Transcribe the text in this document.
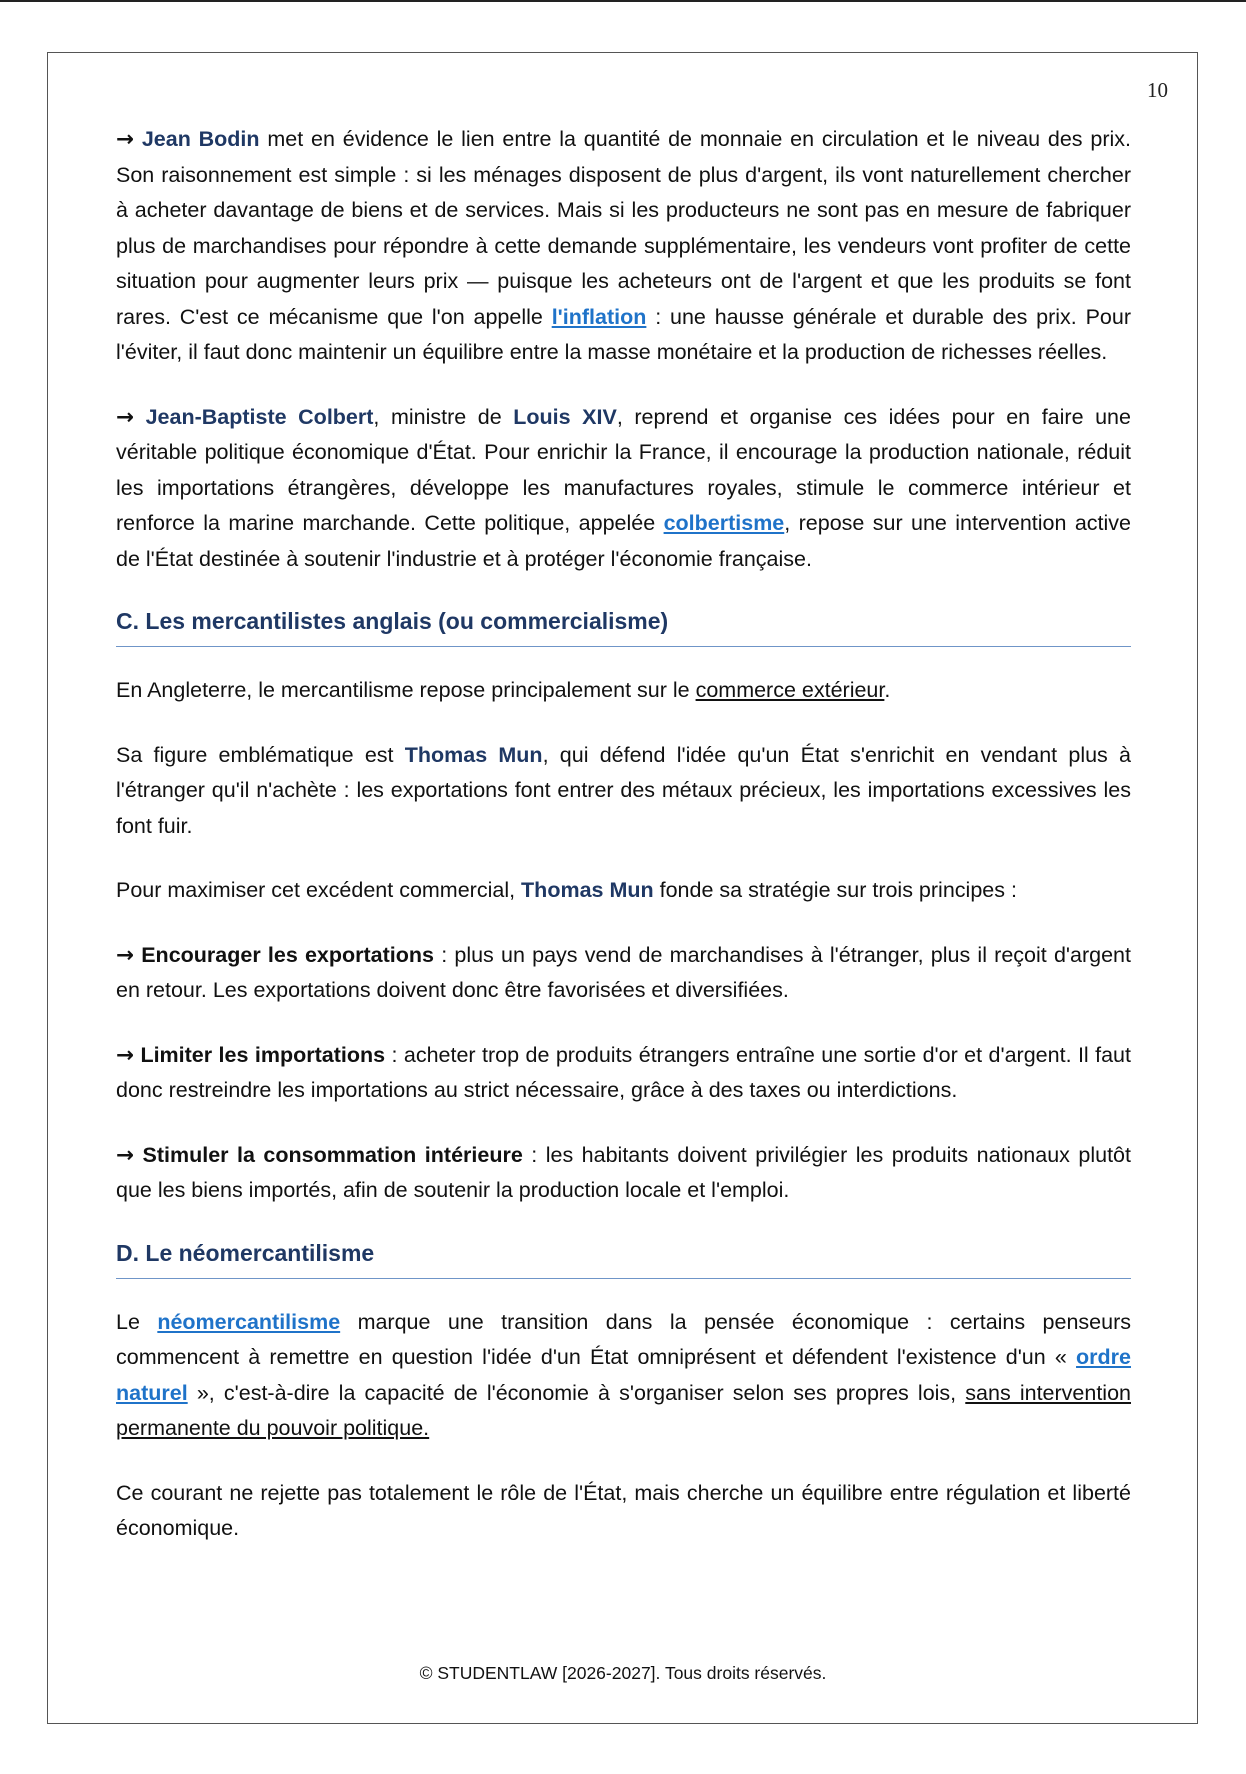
10

→ Jean Bodin met en évidence le lien entre la quantité de monnaie en circulation et le niveau des prix. Son raisonnement est simple : si les ménages disposent de plus d'argent, ils vont naturellement chercher à acheter davantage de biens et de services. Mais si les producteurs ne sont pas en mesure de fabriquer plus de marchandises pour répondre à cette demande supplémentaire, les vendeurs vont profiter de cette situation pour augmenter leurs prix — puisque les acheteurs ont de l'argent et que les produits se font rares. C'est ce mécanisme que l'on appelle l'inflation : une hausse générale et durable des prix. Pour l'éviter, il faut donc maintenir un équilibre entre la masse monétaire et la production de richesses réelles.

→ Jean-Baptiste Colbert, ministre de Louis XIV, reprend et organise ces idées pour en faire une véritable politique économique d'État. Pour enrichir la France, il encourage la production nationale, réduit les importations étrangères, développe les manufactures royales, stimule le commerce intérieur et renforce la marine marchande. Cette politique, appelée colbertisme, repose sur une intervention active de l'État destinée à soutenir l'industrie et à protéger l'économie française.

C. Les mercantilistes anglais (ou commercialisme)

En Angleterre, le mercantilisme repose principalement sur le commerce extérieur.

Sa figure emblématique est Thomas Mun, qui défend l'idée qu'un État s'enrichit en vendant plus à l'étranger qu'il n'achète : les exportations font entrer des métaux précieux, les importations excessives les font fuir.

Pour maximiser cet excédent commercial, Thomas Mun fonde sa stratégie sur trois principes :

→ Encourager les exportations : plus un pays vend de marchandises à l'étranger, plus il reçoit d'argent en retour. Les exportations doivent donc être favorisées et diversifiées.

→ Limiter les importations : acheter trop de produits étrangers entraîne une sortie d'or et d'argent. Il faut donc restreindre les importations au strict nécessaire, grâce à des taxes ou interdictions.

→ Stimuler la consommation intérieure : les habitants doivent privilégier les produits nationaux plutôt que les biens importés, afin de soutenir la production locale et l'emploi.

D. Le néomercantilisme

Le néomercantilisme marque une transition dans la pensée économique : certains penseurs commencent à remettre en question l'idée d'un État omniprésent et défendent l'existence d'un « ordre naturel », c'est-à-dire la capacité de l'économie à s'organiser selon ses propres lois, sans intervention permanente du pouvoir politique.

Ce courant ne rejette pas totalement le rôle de l'État, mais cherche un équilibre entre régulation et liberté économique.

© STUDENTLAW [2026-2027]. Tous droits réservés.
